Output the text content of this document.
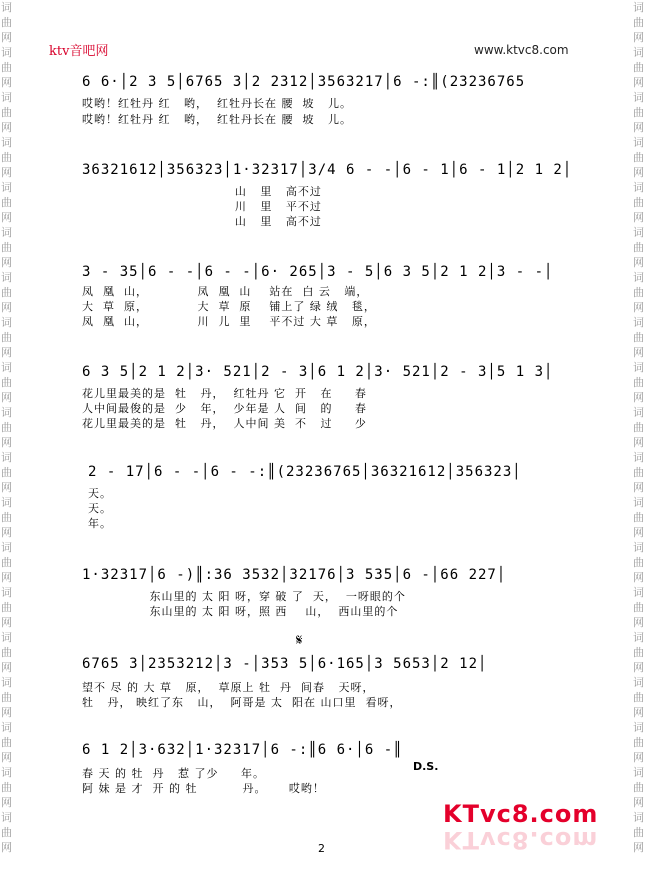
词曲网词曲网词曲网词曲网词曲网词曲网词曲网词曲网词曲网词曲网词曲网词曲网词曲网词曲网词曲网词曲网词曲网词曲网词曲网
词曲网词曲网词曲网词曲网词曲网词曲网词曲网词曲网词曲网词曲网词曲网词曲网词曲网词曲网词曲网词曲网词曲网词曲网词曲网
ktv音吧网	www.ktvc8.com
6 6·│2 3 5│6765 3│2 2312│3563217│6 -:║(23236765
哎哟！红牡丹 红   哟，  红牡丹长在 腰  坡   儿。
哎哟！红牡丹 红   哟，  红牡丹长在 腰  坡   儿。
36321612│356323│1·32317│3/4 6 - -│6 - 1│6 - 1│2 1 2│
山   里   高不过
川   里   平不过
山   里   高不过
3 - 35│6 - -│6 - -│6· 265│3 - 5│6 3 5│2 1 2│3 - -│
凤  凰  山，           凤  凰  山    站在  白 云   端，
大  草  原，           大  草  原    铺上了 绿 绒   毯，
凤  凰  山，           川  儿  里    平不过 大 草   原，
6 3 5│2 1 2│3· 521│2 - 3│6 1 2│3· 521│2 - 3│5 1 3│
花儿里最美的是  牡   丹，  红牡丹 它  开   在     春
人中间最俊的是  少   年，  少年是 人  间   的     春
花儿里最美的是  牡   丹，  人中间 美  不   过     少
2 - 17│6 - -│6 - -:║(23236765│36321612│356323│
天。
天。
年。
1·32317│6 -)║:36 3532│32176│3 535│6 -│66 227│
东山里的 太 阳 呀，穿 破 了  天，  一呀眼的个
东山里的 太 阳 呀，照 西    山，  西山里的个
𝄋
6765 3│2353212│3 -│353 5│6·165│3 5653│2 12│
望不 尽 的 大 草   原，  草原上 牡  丹  间春   天呀，
牡   丹， 映红了东   山，  阿哥是 太  阳在 山口里  看呀，
6 1 2│3·632│1·32317│6 -:║6 6·│6 -║
春 天 的 牡  丹   惹 了少     年。
阿 妹 是 才  开 的 牡          丹。     哎哟！
D.S.
KTvc8.com
KTvc8.com
2
